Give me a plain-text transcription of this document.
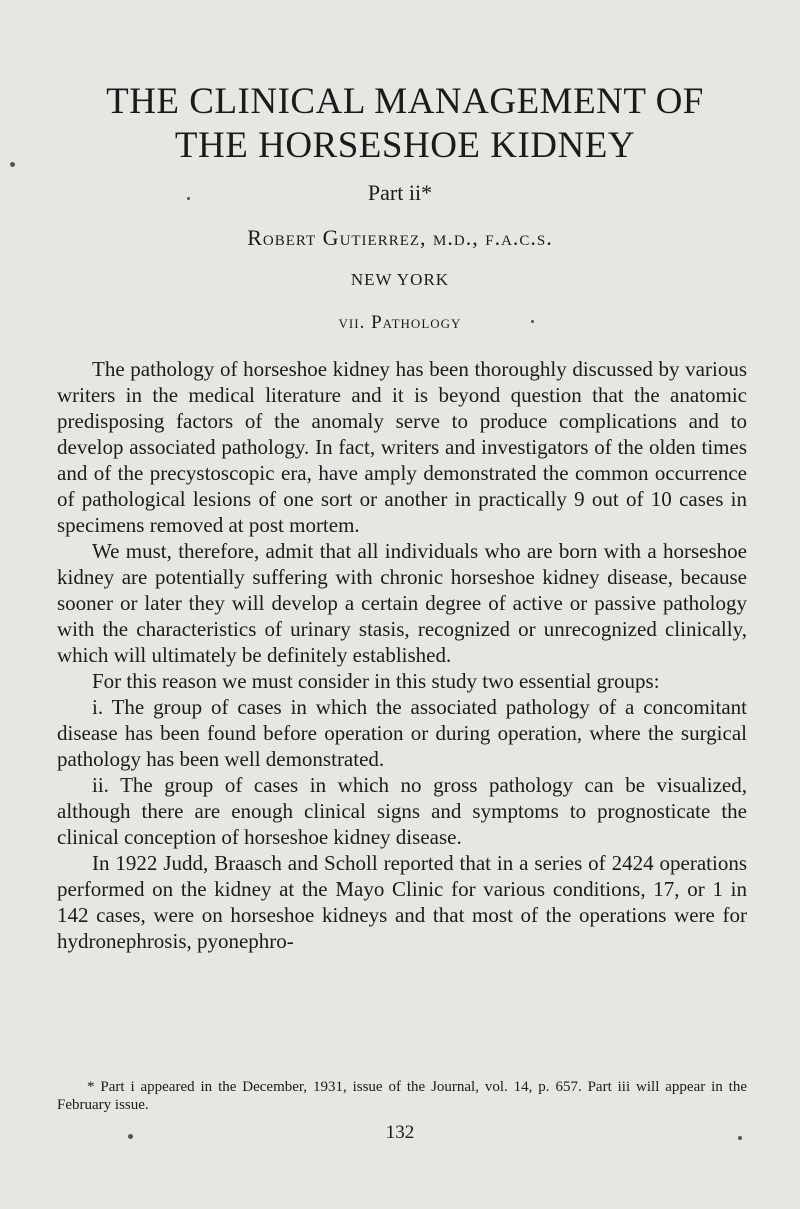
THE CLINICAL MANAGEMENT OF
THE HORSESHOE KIDNEY
Part ii*
Robert Gutierrez, m.d., f.a.c.s.
NEW YORK
vii. Pathology

The pathology of horseshoe kidney has been thoroughly discussed by various writers in the medical literature and it is beyond question that the anatomic predisposing factors of the anomaly serve to produce complications and to develop associated pathology. In fact, writers and investigators of the olden times and of the precystoscopic era, have amply demonstrated the common occurrence of pathological lesions of one sort or another in practically 9 out of 10 cases in specimens removed at post mortem.

We must, therefore, admit that all individuals who are born with a horseshoe kidney are potentially suffering with chronic horseshoe kidney disease, because sooner or later they will develop a certain degree of active or passive pathology with the characteristics of urinary stasis, recognized or unrecognized clinically, which will ultimately be definitely established.

For this reason we must consider in this study two essential groups:

i. The group of cases in which the associated pathology of a concomitant disease has been found before operation or during operation, where the surgical pathology has been well demonstrated.

ii. The group of cases in which no gross pathology can be visualized, although there are enough clinical signs and symptoms to prognosticate the clinical conception of horseshoe kidney disease.

In 1922 Judd, Braasch and Scholl reported that in a series of 2424 operations performed on the kidney at the Mayo Clinic for various conditions, 17, or 1 in 142 cases, were on horseshoe kidneys and that most of the operations were for hydronephrosis, pyonephro-

* Part i appeared in the December, 1931, issue of the Journal, vol. 14, p. 657. Part iii will appear in the February issue.
132
